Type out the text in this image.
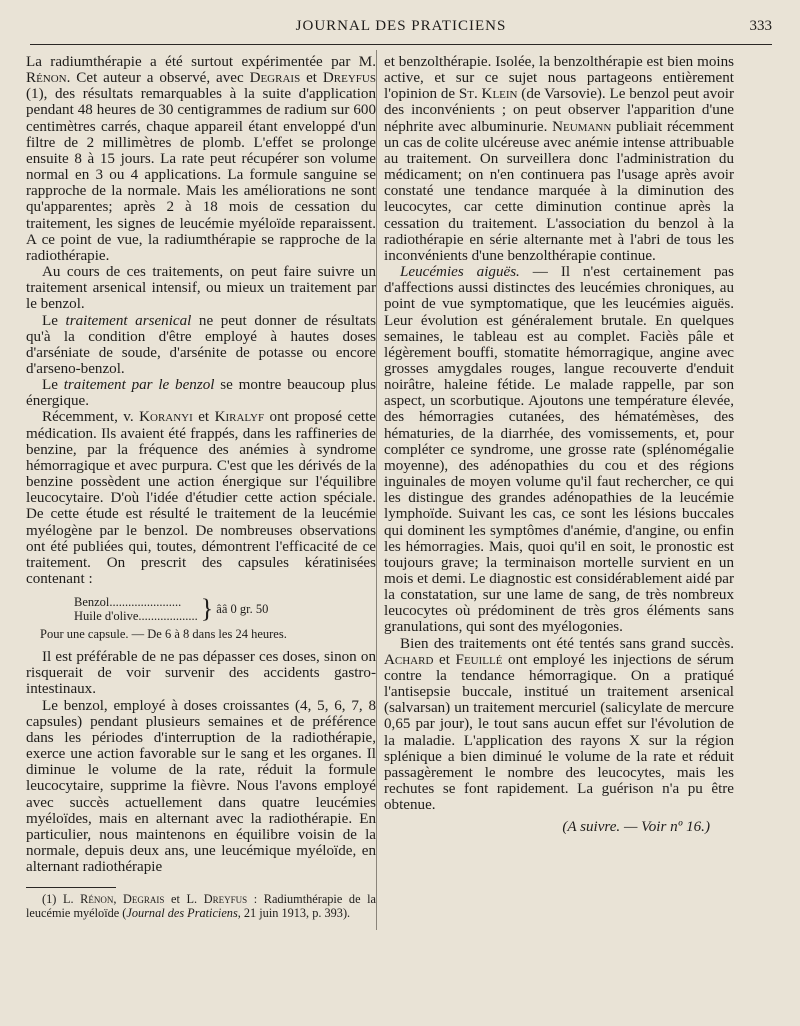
JOURNAL DES PRATICIENS	333

La radiumthérapie a été surtout expérimentée par M. Rénon. Cet auteur a observé, avec Degrais et Dreyfus (1), des résultats remarquables à la suite d'application pendant 48 heures de 30 centigrammes de radium sur 600 centimètres carrés, chaque appareil étant enveloppé d'un filtre de 2 millimètres de plomb. L'effet se prolonge ensuite 8 à 15 jours. La rate peut récupérer son volume normal en 3 ou 4 applications. La formule sanguine se rapproche de la normale. Mais les améliorations ne sont qu'apparentes; après 2 à 18 mois de cessation du traitement, les signes de leucémie myéloïde reparaissent. A ce point de vue, la radiumthérapie se rapproche de la radiothérapie.

Au cours de ces traitements, on peut faire suivre un traitement arsenical intensif, ou mieux un traitement par le benzol.

Le traitement arsenical ne peut donner de résultats qu'à la condition d'être employé à hautes doses d'arséniate de soude, d'arsénite de potasse ou encore d'arseno-benzol.

Le traitement par le benzol se montre beaucoup plus énergique.

Récemment, v. Koranyi et Kiralyf ont proposé cette médication. Ils avaient été frappés, dans les raffineries de benzine, par la fréquence des anémies à syndrome hémorragique et avec purpura. C'est que les dérivés de la benzine possèdent une action énergique sur l'équilibre leucocytaire. D'où l'idée d'étudier cette action spéciale. De cette étude est résulté le traitement de la leucémie myélogène par le benzol. De nombreuses observations ont été publiées qui, toutes, démontrent l'efficacité de ce traitement. On prescrit des capsules kératinisées contenant :

Benzol.......................
Huile d'olive................... } ââ 0 gr. 50
Pour une capsule. — De 6 à 8 dans les 24 heures.

Il est préférable de ne pas dépasser ces doses, sinon on risquerait de voir survenir des accidents gastro-intestinaux.

Le benzol, employé à doses croissantes (4, 5, 6, 7, 8 capsules) pendant plusieurs semaines et de préférence dans les périodes d'interruption de la radiothérapie, exerce une action favorable sur le sang et les organes. Il diminue le volume de la rate, réduit la formule leucocytaire, supprime la fièvre. Nous l'avons employé avec succès actuellement dans quatre leucémies myéloïdes, mais en alternant avec la radiothérapie. En particulier, nous maintenons en équilibre voisin de la normale, depuis deux ans, une leucémique myéloïde, en alternant radiothérapie

(1) L. Rénon, Degrais et L. Dreyfus : Radiumthérapie de la leucémie myéloïde (Journal des Praticiens, 21 juin 1913, p. 393).

et benzolthérapie. Isolée, la benzolthérapie est bien moins active, et sur ce sujet nous partageons entièrement l'opinion de St. Klein (de Varsovie). Le benzol peut avoir des inconvénients ; on peut observer l'apparition d'une néphrite avec albuminurie. Neumann publiait récemment un cas de colite ulcéreuse avec anémie intense attribuable au traitement. On surveillera donc l'administration du médicament; on n'en continuera pas l'usage après avoir constaté une tendance marquée à la diminution des leucocytes, car cette diminution continue après la cessation du traitement. L'association du benzol à la radiothérapie en série alternante met à l'abri de tous les inconvénients d'une benzolthérapie continue.

Leucémies aiguës. — Il n'est certainement pas d'affections aussi distinctes des leucémies chroniques, au point de vue symptomatique, que les leucémies aiguës. Leur évolution est généralement brutale. En quelques semaines, le tableau est au complet. Faciès pâle et légèrement bouffi, stomatite hémorragique, angine avec grosses amygdales rouges, langue recouverte d'enduit noirâtre, haleine fétide. Le malade rappelle, par son aspect, un scorbutique. Ajoutons une température élevée, des hémorragies cutanées, des hématémèses, des hématuries, de la diarrhée, des vomissements, et, pour compléter ce syndrome, une grosse rate (splénomégalie moyenne), des adénopathies du cou et des régions inguinales de moyen volume qu'il faut rechercher, ce qui les distingue des grandes adénopathies de la leucémie lymphoïde. Suivant les cas, ce sont les lésions buccales qui dominent les symptômes d'anémie, d'angine, ou enfin les hémorragies. Mais, quoi qu'il en soit, le pronostic est toujours grave; la terminaison mortelle survient en un mois et demi. Le diagnostic est considérablement aidé par la constatation, sur une lame de sang, de très nombreux leucocytes où prédominent de très gros éléments sans granulations, qui sont des myélogonies.

Bien des traitements ont été tentés sans grand succès. Achard et Feuillé ont employé les injections de sérum contre la tendance hémorragique. On a pratiqué l'antisepsie buccale, institué un traitement arsenical (salvarsan) un traitement mercuriel (salicylate de mercure 0,65 par jour), le tout sans aucun effet sur l'évolution de la maladie. L'application des rayons X sur la région splénique a bien diminué le volume de la rate et réduit passagèrement le nombre des leucocytes, mais les rechutes se font rapidement. La guérison n'a pu être obtenue.

(A suivre. — Voir nº 16.)
